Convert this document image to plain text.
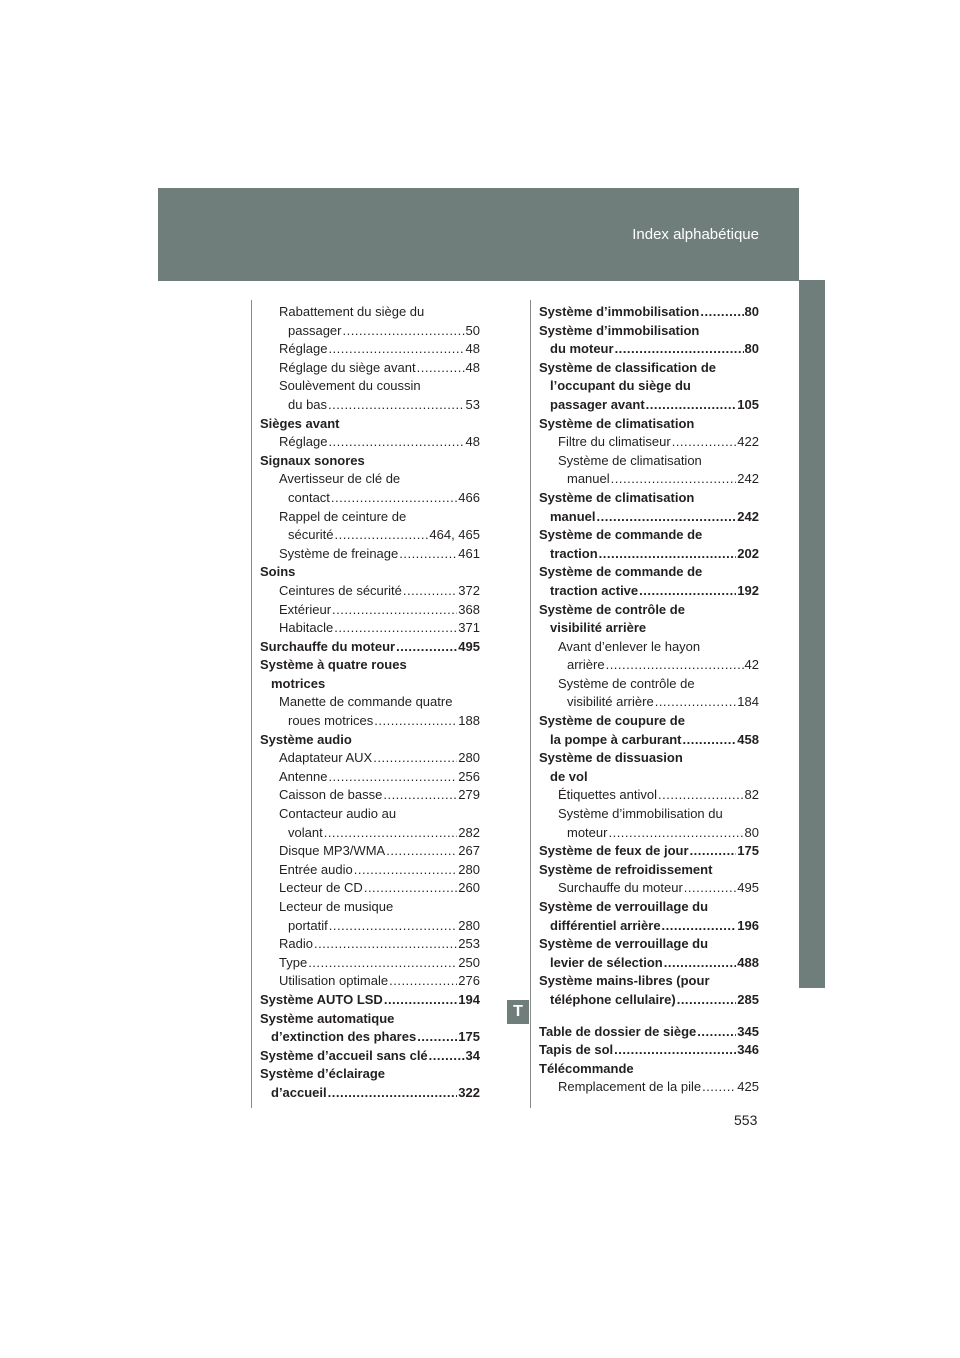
Index alphabétique
T
Rabattement du siège du
passager .....	50
Réglage .....	48
Réglage du siège avant .....	48
Soulèvement du coussin
du bas .....	53
Sièges avant
Réglage .....	48
Signaux sonores
Avertisseur de clé de
contact .....	466
Rappel de ceinture de
sécurité .....	464, 465
Système de freinage .....	461
Soins
Ceintures de sécurité .....	372
Extérieur .....	368
Habitacle .....	371
Surchauffe du moteur .....	495
Système à quatre roues
motrices
Manette de commande quatre
roues motrices .....	188
Système audio
Adaptateur AUX .....	280
Antenne .....	256
Caisson de basse .....	279
Contacteur audio au
volant .....	282
Disque MP3/WMA .....	267
Entrée audio .....	280
Lecteur de CD .....	260
Lecteur de musique
portatif .....	280
Radio .....	253
Type .....	250
Utilisation optimale .....	276
Système AUTO LSD .....	194
Système automatique
d’extinction des phares .....	175
Système d’accueil sans clé .....	34
Système d’éclairage
d’accueil .....	322
Système d’immobilisation .....	80
Système d’immobilisation
du moteur .....	80
Système de classification de
l’occupant du siège du
passager avant .....	105
Système de climatisation
Filtre du climatiseur .....	422
Système de climatisation
manuel .....	242
Système de climatisation
manuel .....	242
Système de commande de
traction .....	202
Système de commande de
traction active .....	192
Système de contrôle de
visibilité arrière
Avant d’enlever le hayon
arrière .....	42
Système de contrôle de
visibilité arrière .....	184
Système de coupure de
la pompe à carburant .....	458
Système de dissuasion
de vol
Étiquettes antivol .....	82
Système d’immobilisation du
moteur .....	80
Système de feux de jour .....	175
Système de refroidissement
Surchauffe du moteur .....	495
Système de verrouillage du
différentiel arrière .....	196
Système de verrouillage du
levier de sélection .....	488
Système mains-libres (pour
téléphone cellulaire) .....	285
Table de dossier de siège .....	345
Tapis de sol .....	346
Télécommande
Remplacement de la pile .....	425
553
